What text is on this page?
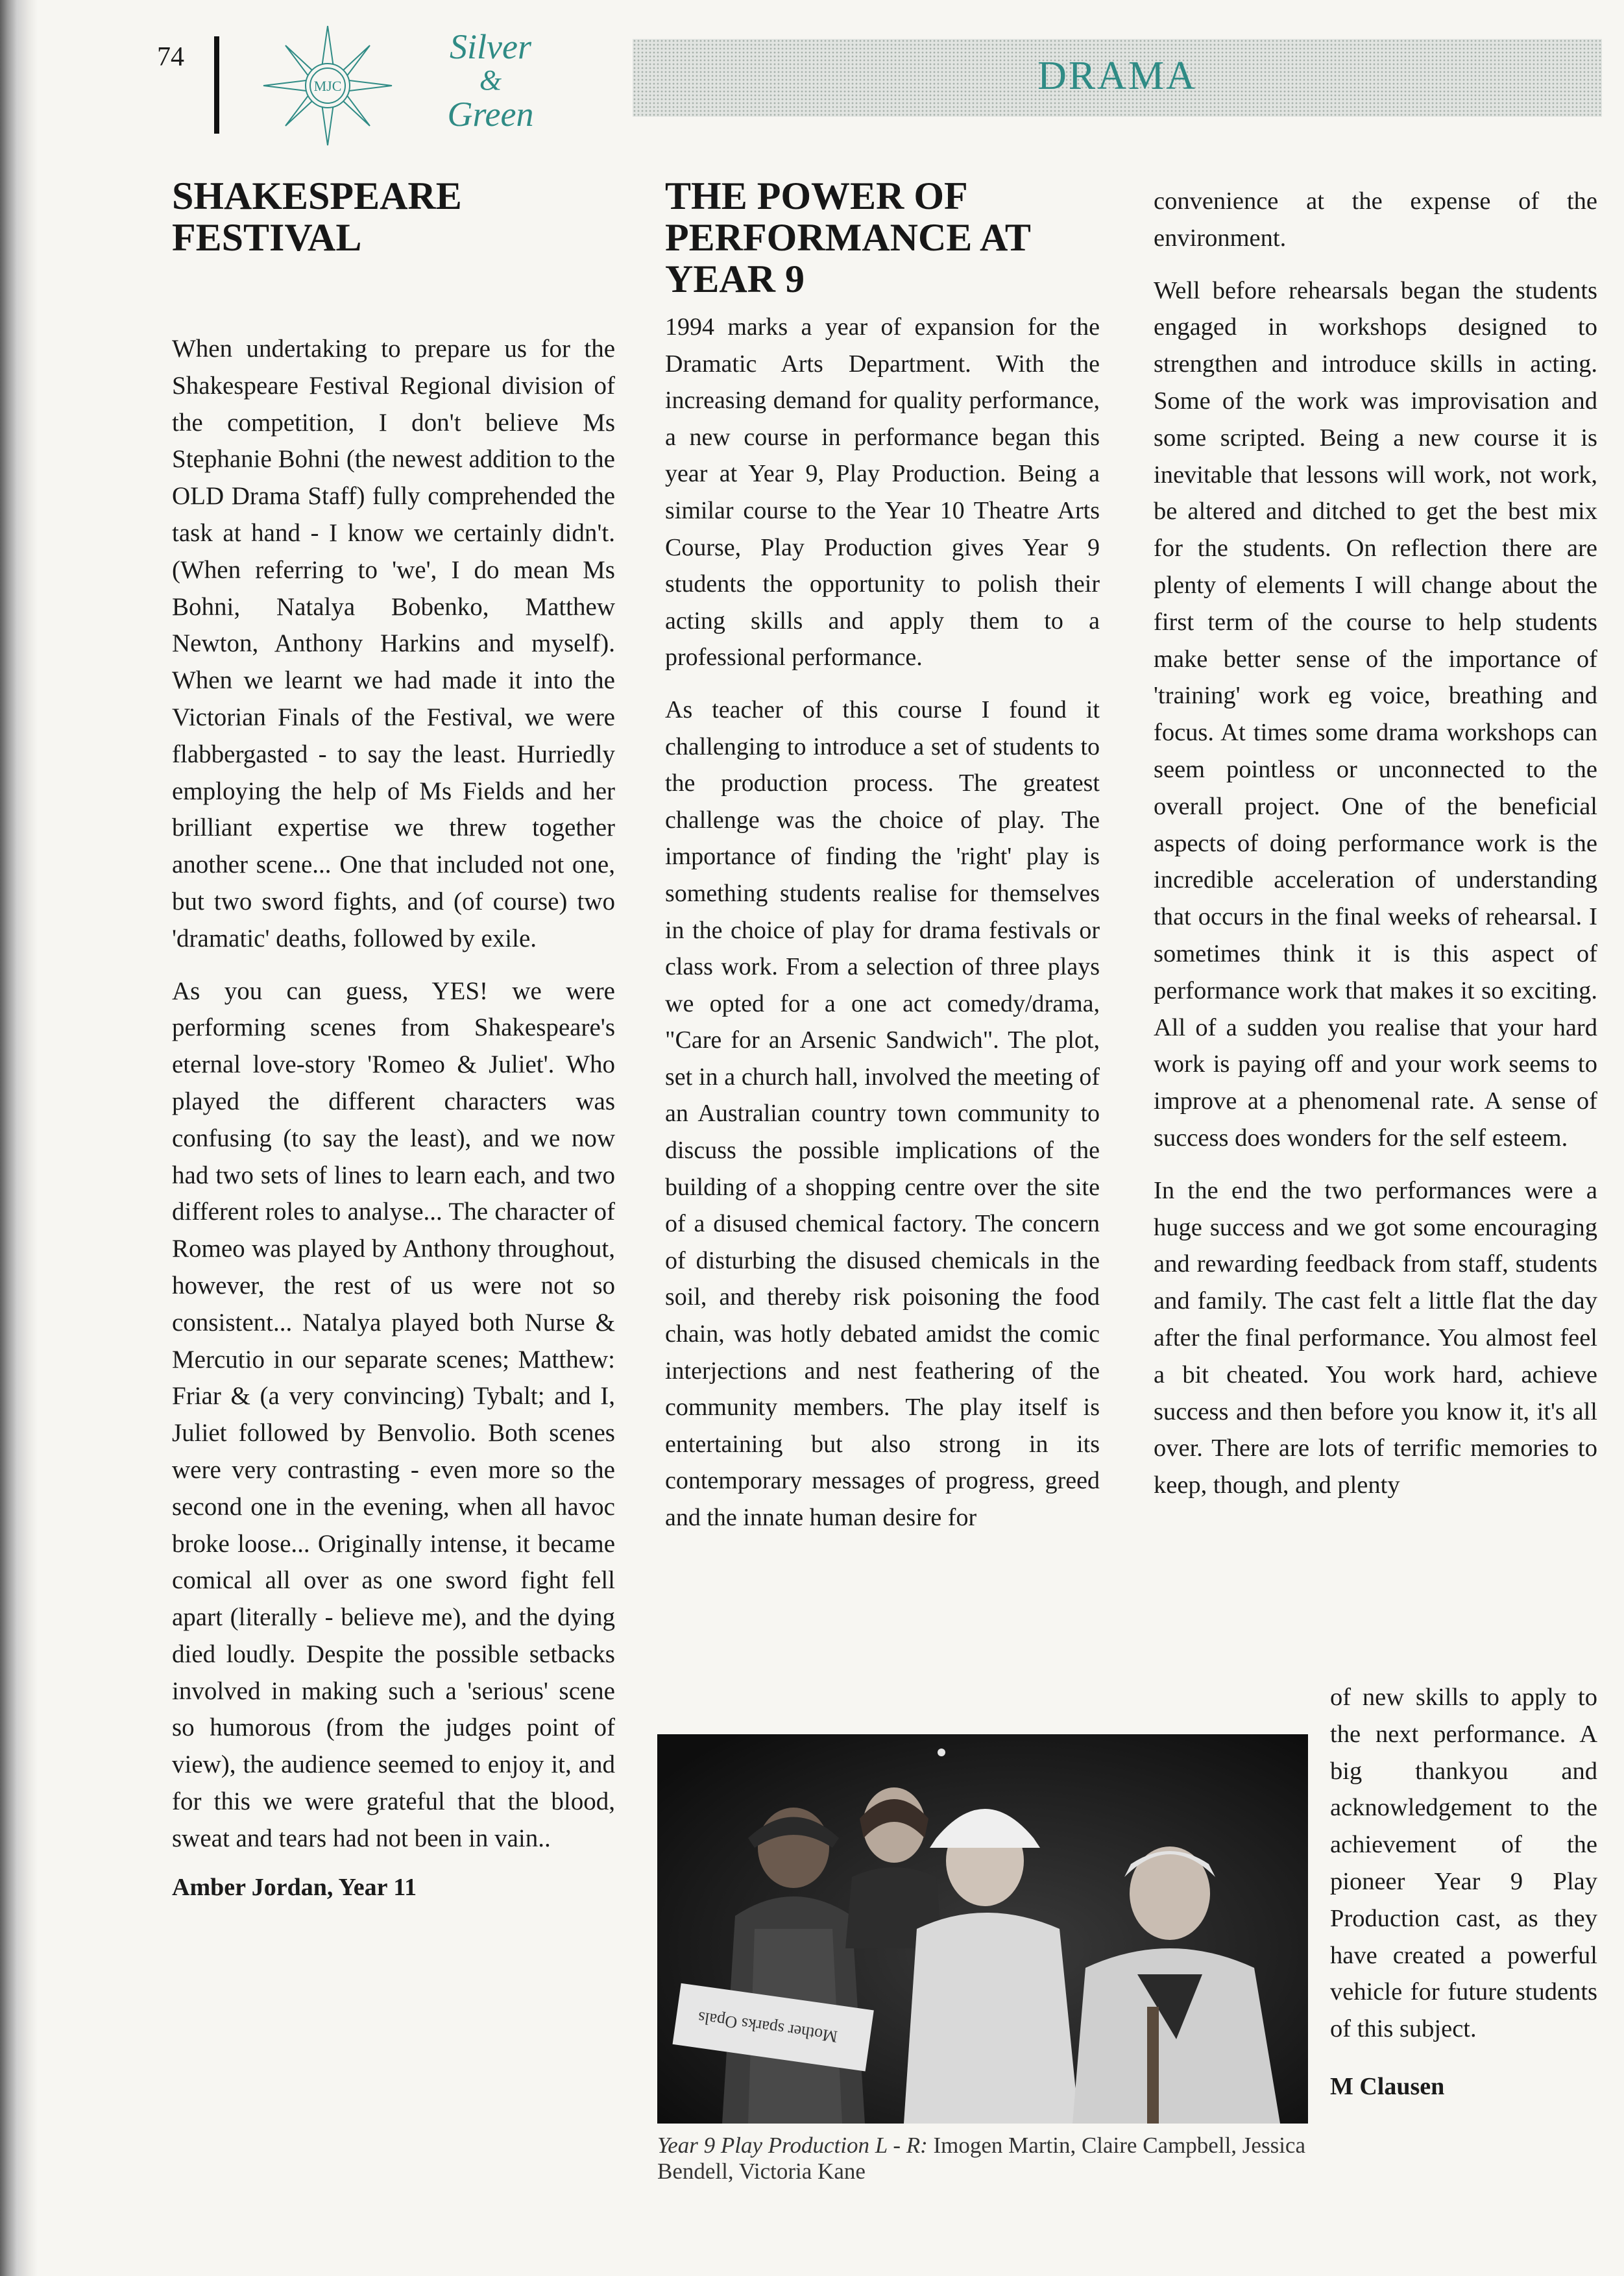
74
MJC
Silver
&
Green
DRAMA
SHAKESPEARE FESTIVAL

When undertaking to prepare us for the Shakespeare Festival Regional division of the competition, I don't believe Ms Stephanie Bohni (the newest addition to the OLD Drama Staff) fully comprehended the task at hand - I know we certainly didn't. (When referring to 'we', I do mean Ms Bohni, Natalya Bobenko, Matthew Newton, Anthony Harkins and myself). When we learnt we had made it into the Victorian Finals of the Festival, we were flabbergasted - to say the least. Hurriedly employing the help of Ms Fields and her brilliant expertise we threw together another scene... One that included not one, but two sword fights, and (of course) two 'dramatic' deaths, followed by exile.

As you can guess, YES! we were performing scenes from Shakespeare's eternal love-story 'Romeo & Juliet'. Who played the different characters was confusing (to say the least), and we now had two sets of lines to learn each, and two different roles to analyse... The character of Romeo was played by Anthony throughout, however, the rest of us were not so consistent... Natalya played both Nurse & Mercutio in our separate scenes; Matthew: Friar & (a very convincing) Tybalt; and I, Juliet followed by Benvolio. Both scenes were very contrasting - even more so the second one in the evening, when all havoc broke loose... Originally intense, it became comical all over as one sword fight fell apart (literally - believe me), and the dying died loudly. Despite the possible setbacks involved in making such a 'serious' scene so humorous (from the judges point of view), the audience seemed to enjoy it, and for this we were grateful that the blood, sweat and tears had not been in vain..

Amber Jordan, Year 11
THE POWER OF PERFORMANCE AT YEAR 9

1994 marks a year of expansion for the Dramatic Arts Department. With the increasing demand for quality performance, a new course in performance began this year at Year 9, Play Production. Being a similar course to the Year 10 Theatre Arts Course, Play Production gives Year 9 students the opportunity to polish their acting skills and apply them to a professional performance.

As teacher of this course I found it challenging to introduce a set of students to the production process. The greatest challenge was the choice of play. The importance of finding the 'right' play is something students realise for themselves in the choice of play for drama festivals or class work. From a selection of three plays we opted for a one act comedy/drama, "Care for an Arsenic Sandwich". The plot, set in a church hall, involved the meeting of an Australian country town community to discuss the possible implications of the building of a shopping centre over the site of a disused chemical factory. The concern of disturbing the disused chemicals in the soil, and thereby risk poisoning the food chain, was hotly debated amidst the comic interjections and nest feathering of the community members. The play itself is entertaining but also strong in its contemporary messages of progress, greed and the innate human desire for

convenience at the expense of the environment.

Well before rehearsals began the students engaged in workshops designed to strengthen and introduce skills in acting. Some of the work was improvisation and some scripted. Being a new course it is inevitable that lessons will work, not work, be altered and ditched to get the best mix for the students. On reflection there are plenty of elements I will change about the first term of the course to help students make better sense of the importance of 'training' work eg voice, breathing and focus. At times some drama workshops can seem pointless or unconnected to the overall project. One of the beneficial aspects of doing performance work is the incredible acceleration of understanding that occurs in the final weeks of rehearsal. I sometimes think it is this aspect of performance work that makes it so exciting. All of a sudden you realise that your hard work is paying off and your work seems to improve at a phenomenal rate. A sense of success does wonders for the self esteem.

In the end the two performances were a huge success and we got some encouraging and rewarding feedback from staff, students and family. The cast felt a little flat the day after the final performance. You almost feel a bit cheated. You work hard, achieve success and then before you know it, it's all over. There are lots of terrific memories to keep, though, and plenty

Mother sparks Opals
Year 9 Play Production L - R: Imogen Martin, Claire Campbell, Jessica Bendell, Victoria Kane

of new skills to apply to the next performance. A big thankyou and acknowledgement to the achievement of the pioneer Year 9 Play Production cast, as they have created a powerful vehicle for future students of this subject.

M Clausen
